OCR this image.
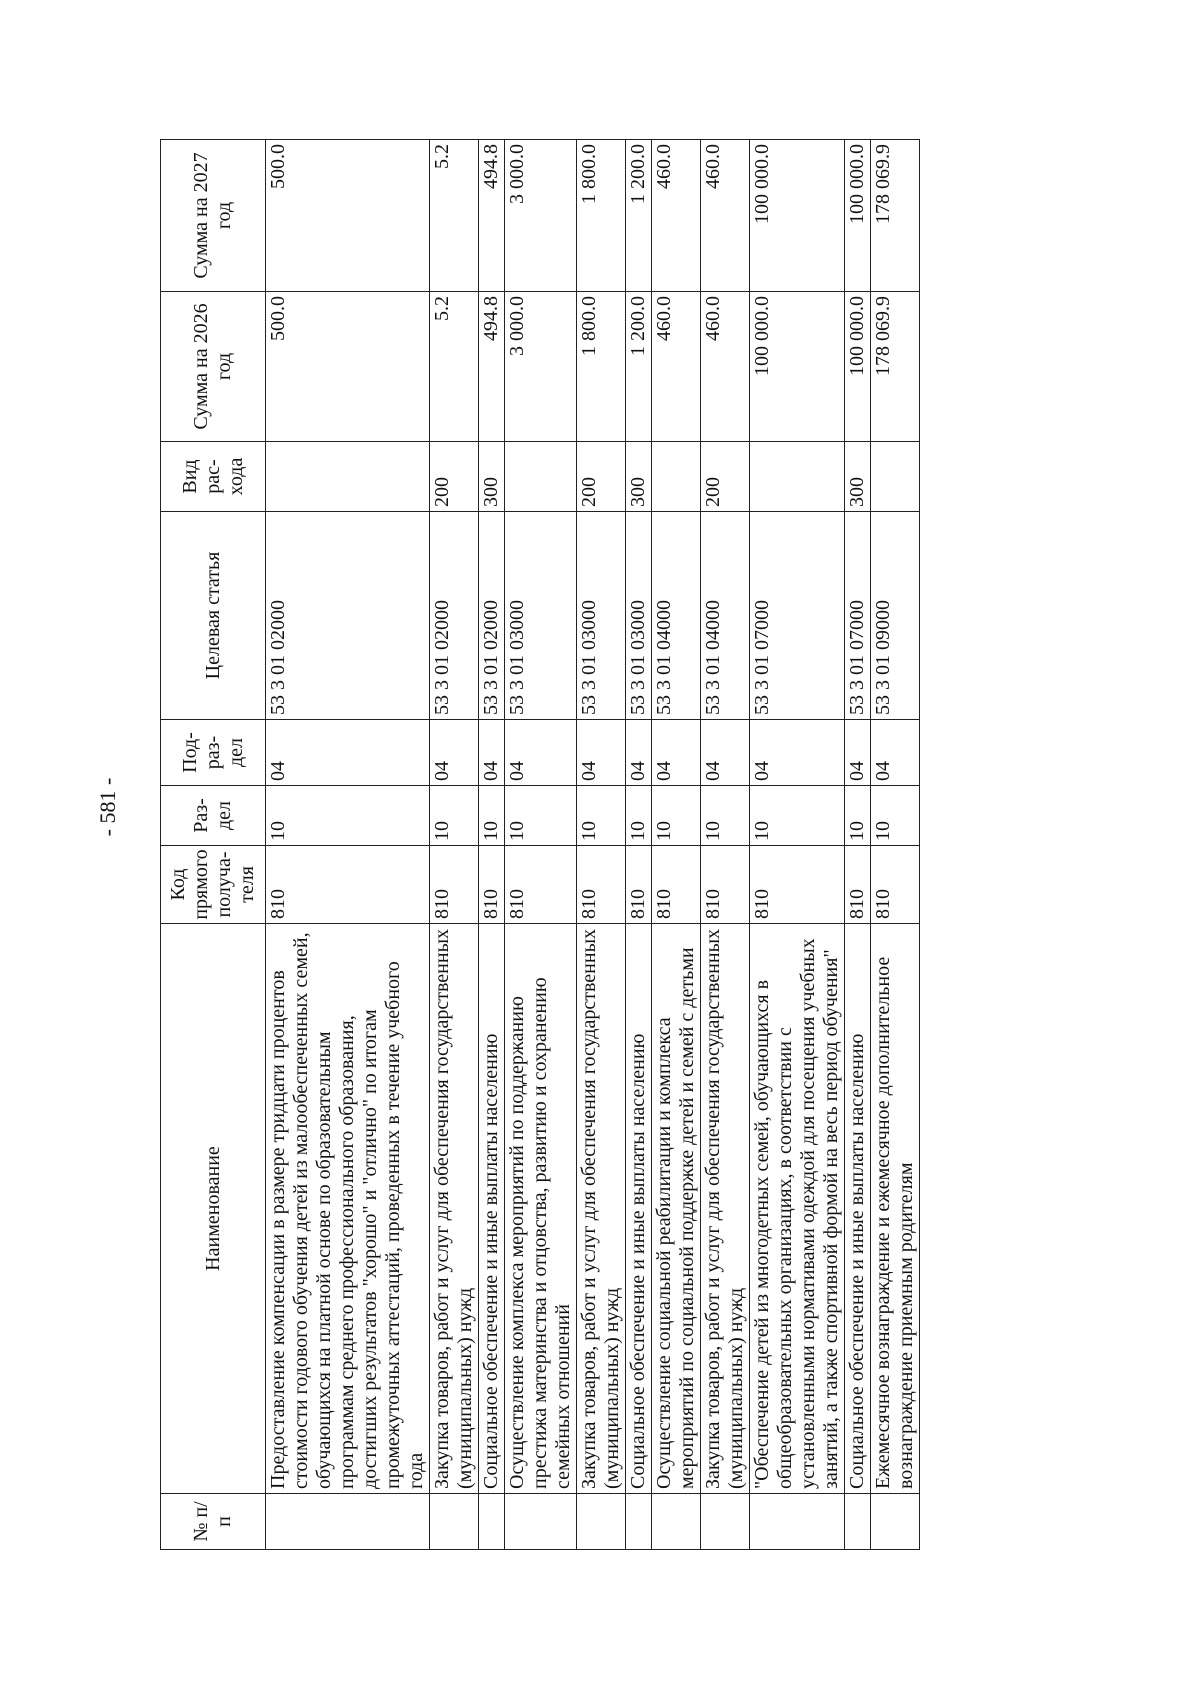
- 581 -
№ п/п	Наименование	Код прямого получа-теля	Раз-дел	Под-раз-дел	Целевая статья	Вид рас-хода	Сумма на 2026 год	Сумма на 2027 год
	Предоставление компенсации в размере тридцати процентов стоимости годового обучения детей из малообеспеченных семей, обучающихся на платной основе по образовательным программам среднего профессионального образования, достигших результатов "хорошо" и "отлично" по итогам промежуточных аттестаций, проведенных в течение учебного года	810	10	04	53 3 01 02000		500.0	500.0
	Закупка товаров, работ и услуг для обеспечения государственных (муниципальных) нужд	810	10	04	53 3 01 02000	200	5.2	5.2
	Социальное обеспечение и иные выплаты населению	810	10	04	53 3 01 02000	300	494.8	494.8
	Осуществление комплекса мероприятий по поддержанию престижа материнства и отцовства, развитию и сохранению семейных отношений	810	10	04	53 3 01 03000		3 000.0	3 000.0
	Закупка товаров, работ и услуг для обеспечения государственных (муниципальных) нужд	810	10	04	53 3 01 03000	200	1 800.0	1 800.0
	Социальное обеспечение и иные выплаты населению	810	10	04	53 3 01 03000	300	1 200.0	1 200.0
	Осуществление социальной реабилитации и комплекса мероприятий по социальной поддержке детей и семей с детьми	810	10	04	53 3 01 04000		460.0	460.0
	Закупка товаров, работ и услуг для обеспечения государственных (муниципальных) нужд	810	10	04	53 3 01 04000	200	460.0	460.0
	"Обеспечение детей из многодетных семей, обучающихся в общеобразовательных организациях, в соответствии с установленными нормативами одеждой для посещения учебных занятий, а также спортивной формой на весь период обучения"	810	10	04	53 3 01 07000		100 000.0	100 000.0
	Социальное обеспечение и иные выплаты населению	810	10	04	53 3 01 07000	300	100 000.0	100 000.0
	Ежемесячное вознаграждение и ежемесячное дополнительное вознаграждение приемным родителям	810	10	04	53 3 01 09000		178 069.9	178 069.9
